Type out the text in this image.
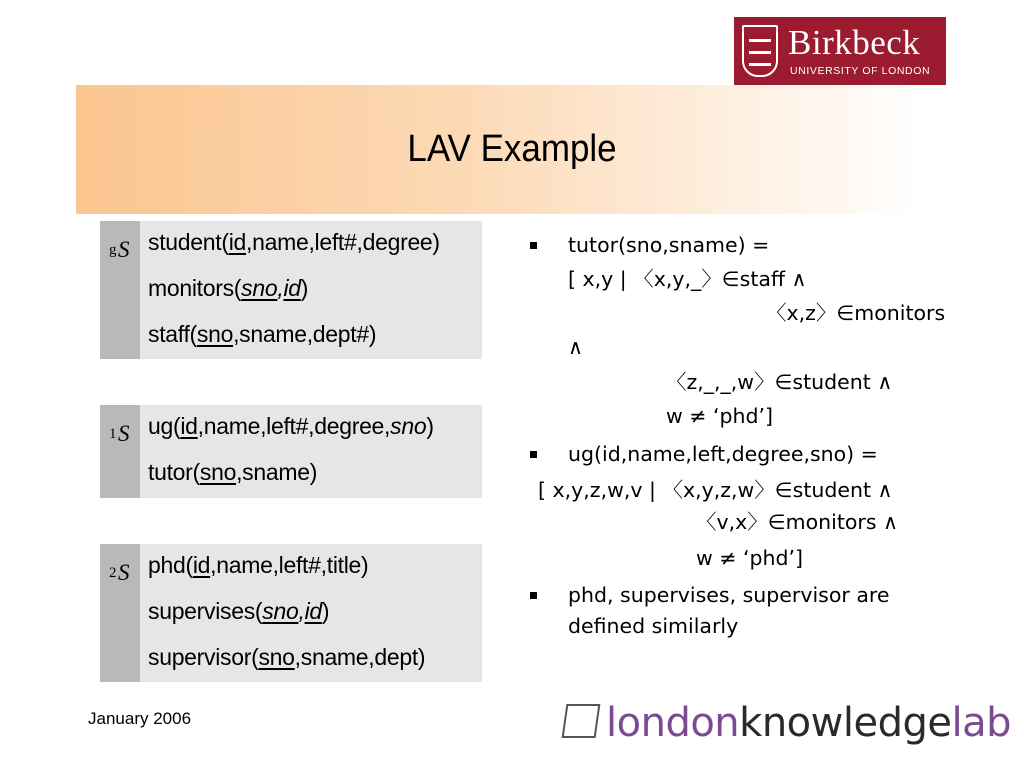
Birkbeck
UNIVERSITY OF LONDON
LAV Example
S
$_g$ student(id,name,left#,degree)
monitors(sno,id)
staff(sno,sname,dept#)
S
$_1$ ug(id,name,left#,degree,sno)
tutor(sno,sname)
S
$_2$ phd(id,name,left#,title)
supervises(sno,id)
supervisor(sno,sname,dept)
tutor(sno,sname) =
[ x,y | 〈x,y,_〉∈staff ∧
〈x,z〉∈monitors
∧
〈z,_,_,w〉∈student ∧
w ≠ ‘phd’]
ug(id,name,left,degree,sno) =
[ x,y,z,w,v | 〈x,y,z,w〉∈student ∧
〈v,x〉∈monitors ∧
w ≠ ‘phd’]
phd, supervises, supervisor are
defined similarly
January 2006	londonknowledgelab
